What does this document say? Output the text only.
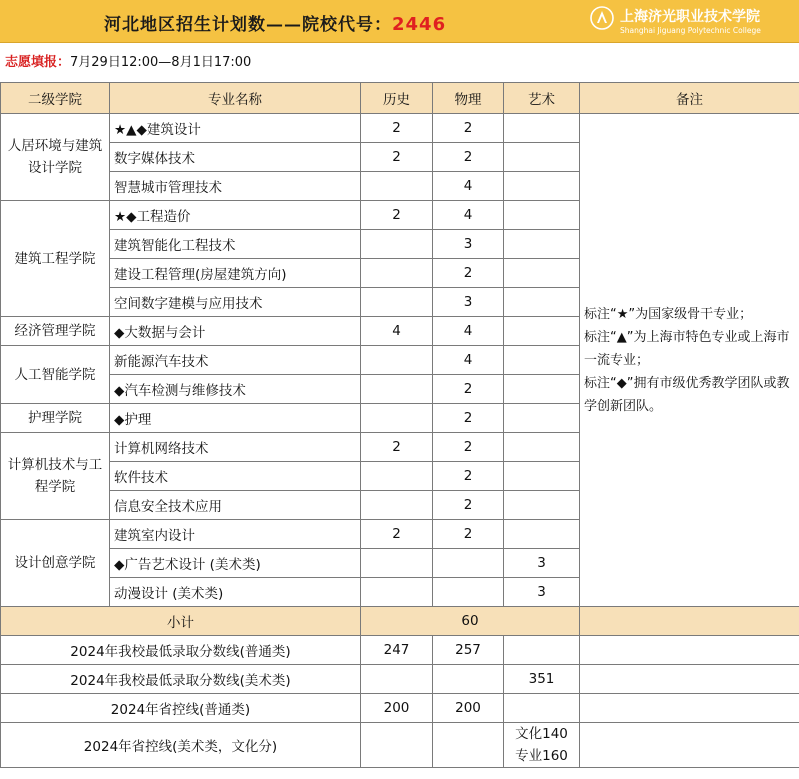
河北地区招生计划数——院校代号：2446	上海济光职业技术学院
Shanghai Jiguang Polytechnic College
志愿填报：7月29日12:00—8月1日17:00
二级学院	专业名称	历史	物理	艺术	备注
人居环境与建筑设计学院	★▲◆建筑设计	2	2		标注“★”为国家级骨干专业；
标注“▲”为上海市特色专业或上海市一流专业；
标注“◆”拥有市级优秀教学团队或教学创新团队。

	数字媒体技术	2	2		
	智慧城市管理技术		4		
建筑工程学院	★◆工程造价	2	4		
	建筑智能化工程技术		3		
	建设工程管理(房屋建筑方向)		2		
	空间数字建模与应用技术		3		
经济管理学院	◆大数据与会计	4	4		
人工智能学院	新能源汽车技术		4		
	◆汽车检测与维修技术		2		
护理学院	◆护理		2		
计算机技术与工程学院	计算机网络技术	2	2		
	软件技术		2		
	信息安全技术应用		2		
设计创意学院	建筑室内设计	2	2		
	◆广告艺术设计 (美术类)			3	
	动漫设计 (美术类)			3	
小计		60			
2024年我校最低录取分数线(普通类)		247	257		
2024年我校最低录取分数线(美术类)				351	
2024年省控线(普通类)		200	200		
2024年省控线(美术类，文化分)				文化140
专业160	
